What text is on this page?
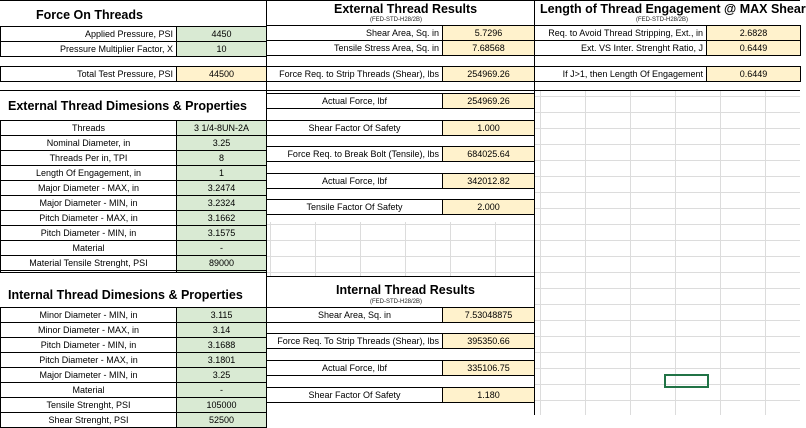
Force On Threads
Applied Pressure, PSI	4450
Pressure Multiplier Factor, X	10
Total Test Pressure, PSI	44500
External Thread Dimesions & Properties
Threads	3 1/4-8UN-2A
Nominal Diameter, in	3.25
Threads Per in, TPI	8
Length Of Engagement, in	1
Major Diameter - MAX, in	3.2474
Major Diameter - MIN, in	3.2324
Pitch Diameter - MAX, in	3.1662
Pitch Diameter - MIN, in	3.1575
Material	-
Material Tensile Strenght, PSI	89000

Internal Thread Dimesions & Properties
Minor Diameter - MIN, in	3.115
Minor Diameter - MAX, in	3.14
Pitch Diameter - MIN, in	3.1688
Pitch Diameter - MAX, in	3.1801
Major Diameter - MIN, in	3.25
Material	-
Tensile Strenght, PSI	105000
Shear Strenght, PSI	52500
External Thread Results
(FED-STD-H28/2B)
Shear Area, Sq. in	5.7296
Tensile Stress Area, Sq. in	7.68568
Force Req. to Strip Threads (Shear), lbs	254969.26
Actual Force, lbf	254969.26
Shear Factor Of Safety	1.000
Force Req. to Break Bolt (Tensile), lbs	684025.64
Actual Force, lbf	342012.82
Tensile Factor Of Safety	2.000
Internal Thread Results
(FED-STD-H28/2B)
Shear Area, Sq. in	7.53048875
Force Req. To Strip Threads (Shear), lbs	395350.66
Actual Force, lbf	335106.75
Shear Factor Of Safety	1.180
Length of Thread Engagement @ MAX Shear
(FED-STD-H28/2B)
Req. to Avoid Thread Stripping, Ext., in	2.6828
Ext. VS Inter. Strenght Ratio, J	0.6449
If J>1, then Length Of Engagement	0.6449
